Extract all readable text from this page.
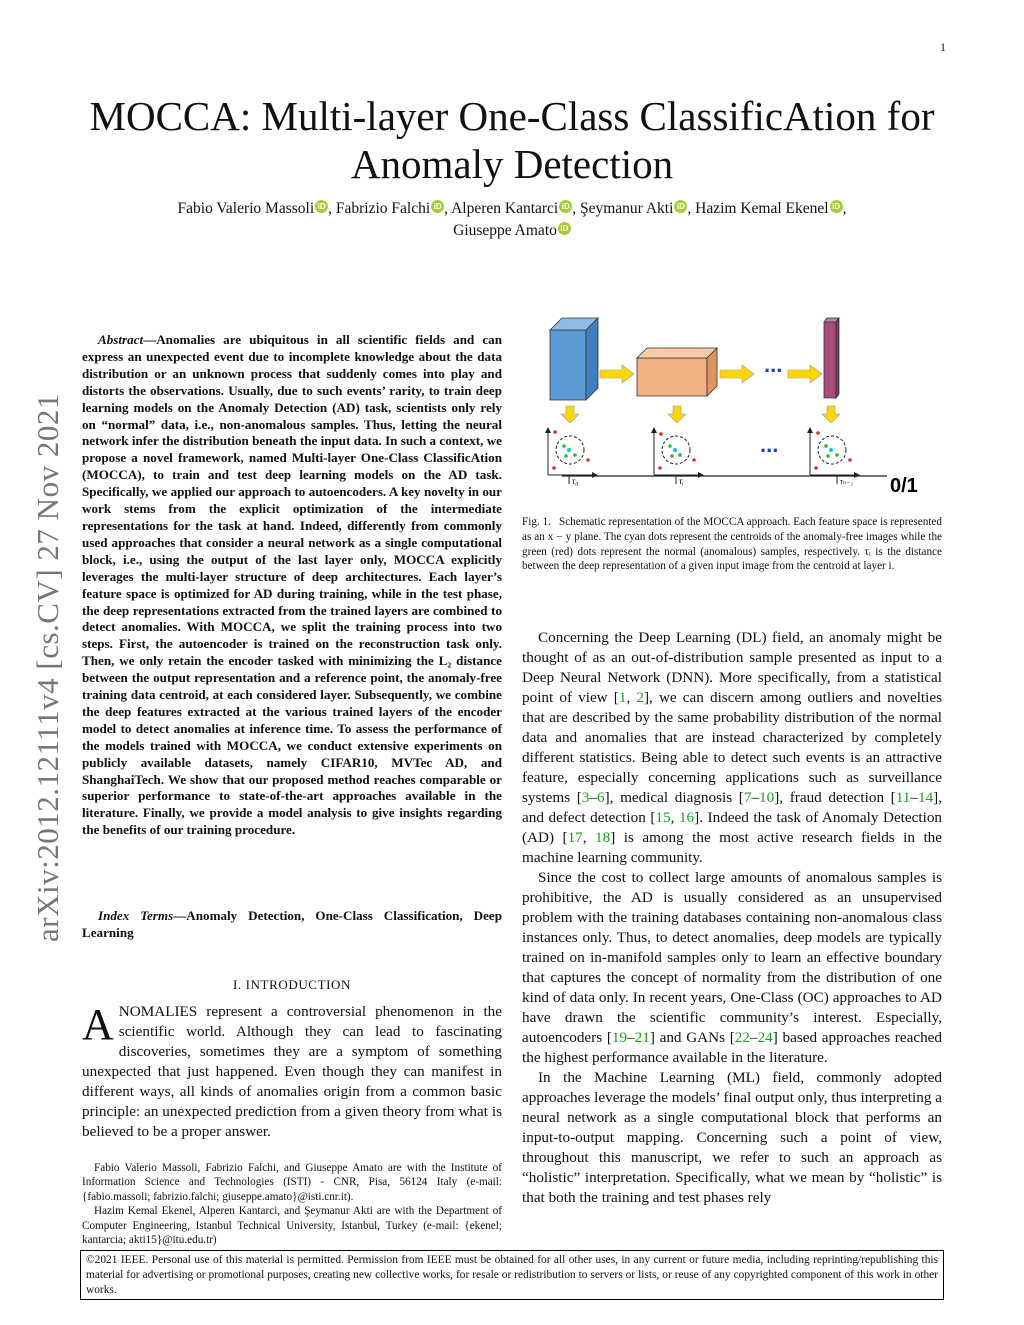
1
arXiv:2012.12111v4 [cs.CV] 27 Nov 2021
MOCCA: Multi-layer One-Class ClassificAtion for Anomaly Detection
Fabio Valerio Massoli iD , Fabrizio Falchi iD , Alperen Kantarci iD , Şeymanur Akti iD , Hazim Kemal Ekenel iD ,
Giuseppe Amato iD

Abstract—Anomalies are ubiquitous in all scientific fields and can express an unexpected event due to incomplete knowledge about the data distribution or an unknown process that suddenly comes into play and distorts the observations. Usually, due to such events’ rarity, to train deep learning models on the Anomaly Detection (AD) task, scientists only rely on “normal” data, i.e., non-anomalous samples. Thus, letting the neural network infer the distribution beneath the input data. In such a context, we propose a novel framework, named Multi-layer One-Class ClassificAtion (MOCCA), to train and test deep learning models on the AD task. Specifically, we applied our approach to autoencoders. A key novelty in our work stems from the explicit optimization of the intermediate representations for the task at hand. Indeed, differently from commonly used approaches that consider a neural network as a single computational block, i.e., using the output of the last layer only, MOCCA explicitly leverages the multi-layer structure of deep architectures. Each layer’s feature space is optimized for AD during training, while in the test phase, the deep representations extracted from the trained layers are combined to detect anomalies. With MOCCA, we split the training process into two steps. First, the autoencoder is trained on the reconstruction task only. Then, we only retain the encoder tasked with minimizing the L₂ distance between the output representation and a reference point, the anomaly-free training data centroid, at each considered layer. Subsequently, we combine the deep features extracted at the various trained layers of the encoder model to detect anomalies at inference time. To assess the performance of the models trained with MOCCA, we conduct extensive experiments on publicly available datasets, namely CIFAR10, MVTec AD, and ShanghaiTech. We show that our proposed method reaches comparable or superior performance to state-of-the-art approaches available in the literature. Finally, we provide a model analysis to give insights regarding the benefits of our training procedure.

Index Terms—Anomaly Detection, One-Class Classification, Deep Learning

I. INTRODUCTION

ANOMALIES represent a controversial phenomenon in the scientific world. Although they can lead to fascinating discoveries, sometimes they are a symptom of something unexpected that just happened. Even though they can manifest in different ways, all kinds of anomalies origin from a common basic principle: an unexpected prediction from a given theory from what is believed to be a proper answer.

Fabio Valerio Massoli, Fabrizio Falchi, and Giuseppe Amato are with the Institute of Information Science and Technologies (ISTI) - CNR, Pisa, 56124 Italy (e-mail: {fabio.massoli; fabrizio.falchi; giuseppe.amato}@isti.cnr.it).

Hazim Kemal Ekenel, Alperen Kantarci, and Şeymanur Akti are with the Department of Computer Engineering, Istanbul Technical University, Istanbul, Turkey (e-mail: {ekenel; kantarcia; akti15}@itu.edu.tr)

...
τ₀	τᵢ
...
τₙ₋₁ 0/1

Fig. 1. Schematic representation of the MOCCA approach. Each feature space is represented as an x − y plane. The cyan dots represent the centroids of the anomaly-free images while the green (red) dots represent the normal (anomalous) samples, respectively. τᵢ is the distance between the deep representation of a given input image from the centroid at layer i.

Concerning the Deep Learning (DL) field, an anomaly might be thought of as an out-of-distribution sample presented as input to a Deep Neural Network (DNN). More specifically, from a statistical point of view [1, 2], we can discern among outliers and novelties that are described by the same probability distribution of the normal data and anomalies that are instead characterized by completely different statistics. Being able to detect such events is an attractive feature, especially concerning applications such as surveillance systems [3–6], medical diagnosis [7–10], fraud detection [11–14], and defect detection [15, 16]. Indeed the task of Anomaly Detection (AD) [17, 18] is among the most active research fields in the machine learning community.

Since the cost to collect large amounts of anomalous samples is prohibitive, the AD is usually considered as an unsupervised problem with the training databases containing non-anomalous class instances only. Thus, to detect anomalies, deep models are typically trained on in-manifold samples only to learn an effective boundary that captures the concept of normality from the distribution of one kind of data only. In recent years, One-Class (OC) approaches to AD have drawn the scientific community’s interest. Especially, autoencoders [19–21] and GANs [22–24] based approaches reached the highest performance available in the literature.

In the Machine Learning (ML) field, commonly adopted approaches leverage the models’ final output only, thus interpreting a neural network as a single computational block that performs an input-to-output mapping. Concerning such a point of view, throughout this manuscript, we refer to such an approach as “holistic” interpretation. Specifically, what we mean by “holistic” is that both the training and test phases rely

©2021 IEEE. Personal use of this material is permitted. Permission from IEEE must be obtained for all other uses, in any current or future media, including reprinting/republishing this material for advertising or promotional purposes, creating new collective works, for resale or redistribution to servers or lists, or reuse of any copyrighted component of this work in other works.
